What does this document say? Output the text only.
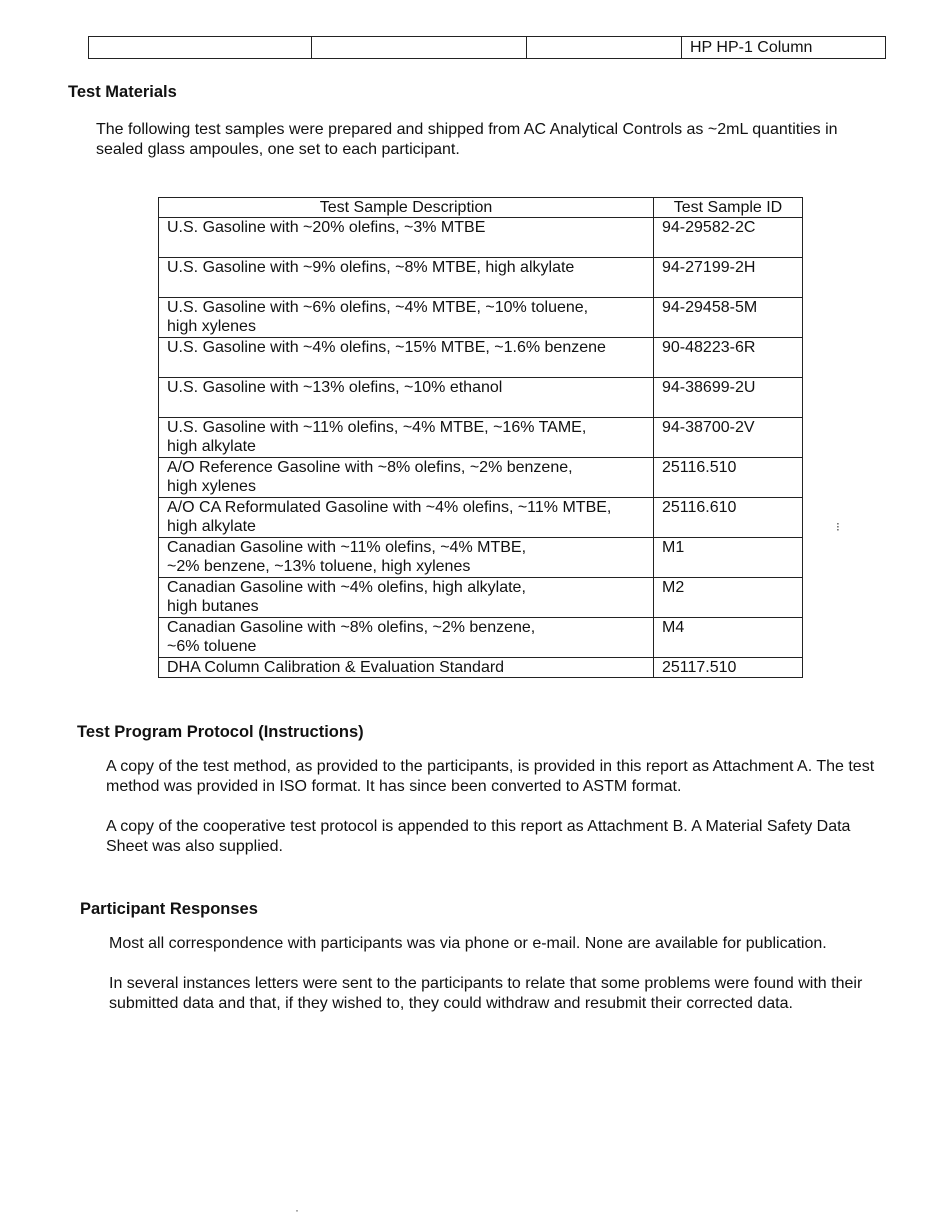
			HP HP-1 Column
Test Materials

The following test samples were prepared and shipped from AC Analytical Controls as ~2mL quantities in sealed glass ampoules, one set to each participant.

Test Sample Description	Test Sample ID
U.S. Gasoline with ~20% olefins, ~3% MTBE	94-29582-2C
U.S. Gasoline with ~9% olefins, ~8% MTBE, high alkylate	94-27199-2H
U.S. Gasoline with ~6% olefins, ~4% MTBE, ~10% toluene,
high xylenes	94-29458-5M
U.S. Gasoline with ~4% olefins, ~15% MTBE, ~1.6% benzene	90-48223-6R
U.S. Gasoline with ~13% olefins, ~10% ethanol	94-38699-2U
U.S. Gasoline with ~11% olefins, ~4% MTBE, ~16% TAME,
high alkylate	94-38700-2V
A/O Reference Gasoline with ~8% olefins, ~2% benzene,
high xylenes	25116.510
A/O CA Reformulated Gasoline with ~4% olefins, ~11% MTBE,
high alkylate	25116.610
Canadian Gasoline with ~11% olefins, ~4% MTBE,
~2% benzene, ~13% toluene, high xylenes	M1
Canadian Gasoline with ~4% olefins, high alkylate,
high butanes	M2
Canadian Gasoline with ~8% olefins, ~2% benzene,
~6% toluene	M4
DHA Column Calibration & Evaluation Standard	25117.510
Test Program Protocol (Instructions)

A copy of the test method, as provided to the participants, is provided in this report as Attachment A. The test method was provided in ISO format. It has since been converted to ASTM format.

A copy of the cooperative test protocol is appended to this report as Attachment B. A Material Safety Data Sheet was also supplied.

Participant Responses

Most all correspondence with participants was via phone or e-mail. None are available for publication.

In several instances letters were sent to the participants to relate that some problems were found with their submitted data and that, if they wished to, they could withdraw and resubmit their corrected data.

⁝
·
